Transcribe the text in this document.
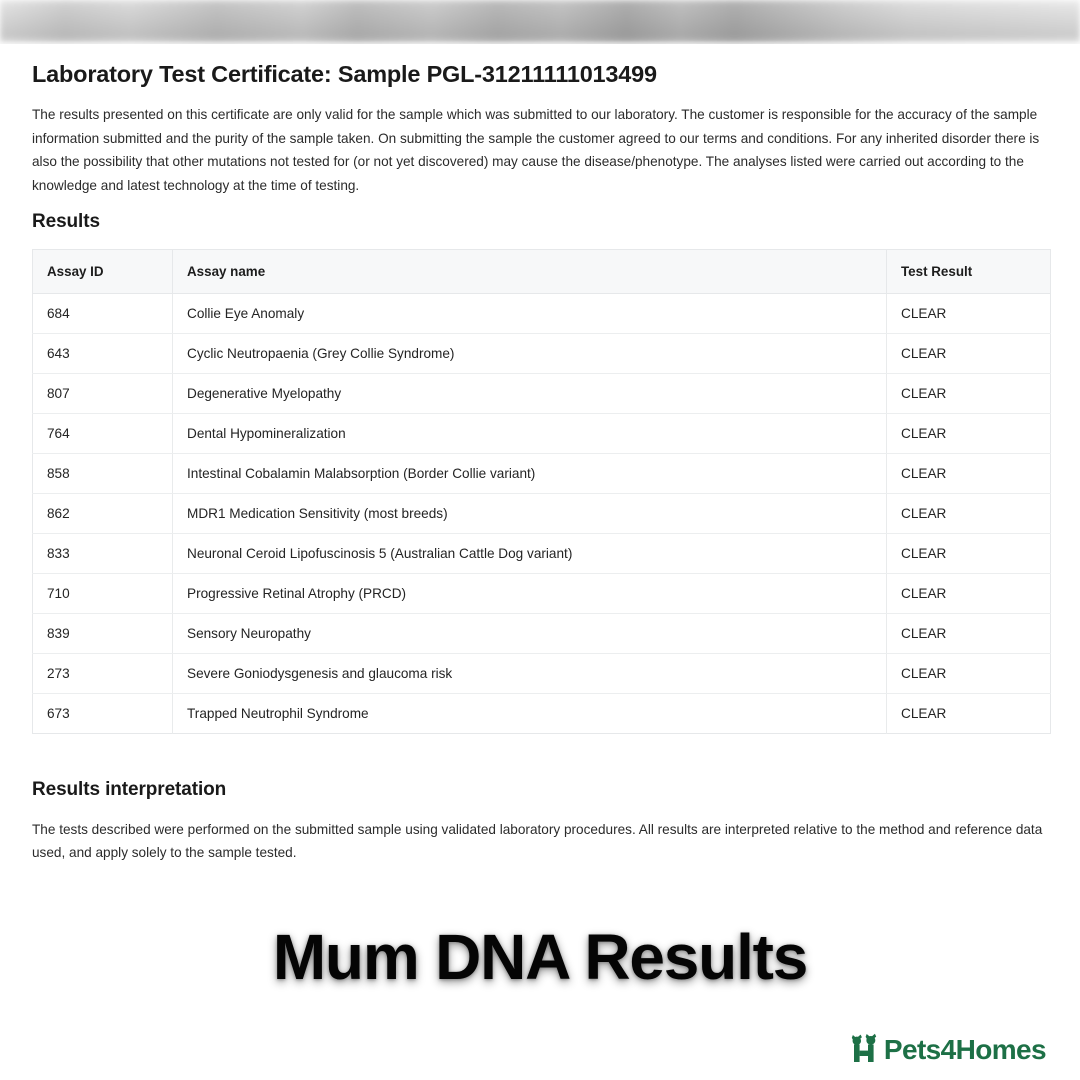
Laboratory Test Certificate: Sample PGL-31211111013499

The results presented on this certificate are only valid for the sample which was submitted to our laboratory. The customer is responsible for the accuracy of the sample information submitted and the purity of the sample taken. On submitting the sample the customer agreed to our terms and conditions. For any inherited disorder there is also the possibility that other mutations not tested for (or not yet discovered) may cause the disease/phenotype. The analyses listed were carried out according to the knowledge and latest technology at the time of testing.

Results
Assay ID	Assay name	Test Result
684	Collie Eye Anomaly	CLEAR
643	Cyclic Neutropaenia (Grey Collie Syndrome)	CLEAR
807	Degenerative Myelopathy	CLEAR
764	Dental Hypomineralization	CLEAR
858	Intestinal Cobalamin Malabsorption (Border Collie variant)	CLEAR
862	MDR1 Medication Sensitivity (most breeds)	CLEAR
833	Neuronal Ceroid Lipofuscinosis 5 (Australian Cattle Dog variant)	CLEAR
710	Progressive Retinal Atrophy (PRCD)	CLEAR
839	Sensory Neuropathy	CLEAR
273	Severe Goniodysgenesis and glaucoma risk	CLEAR
673	Trapped Neutrophil Syndrome	CLEAR
Results interpretation

The tests described were performed on the submitted sample using validated laboratory procedures. All results are interpreted relative to the method and reference data used, and apply solely to the sample tested.

Mum DNA Results
Pets4Homes
